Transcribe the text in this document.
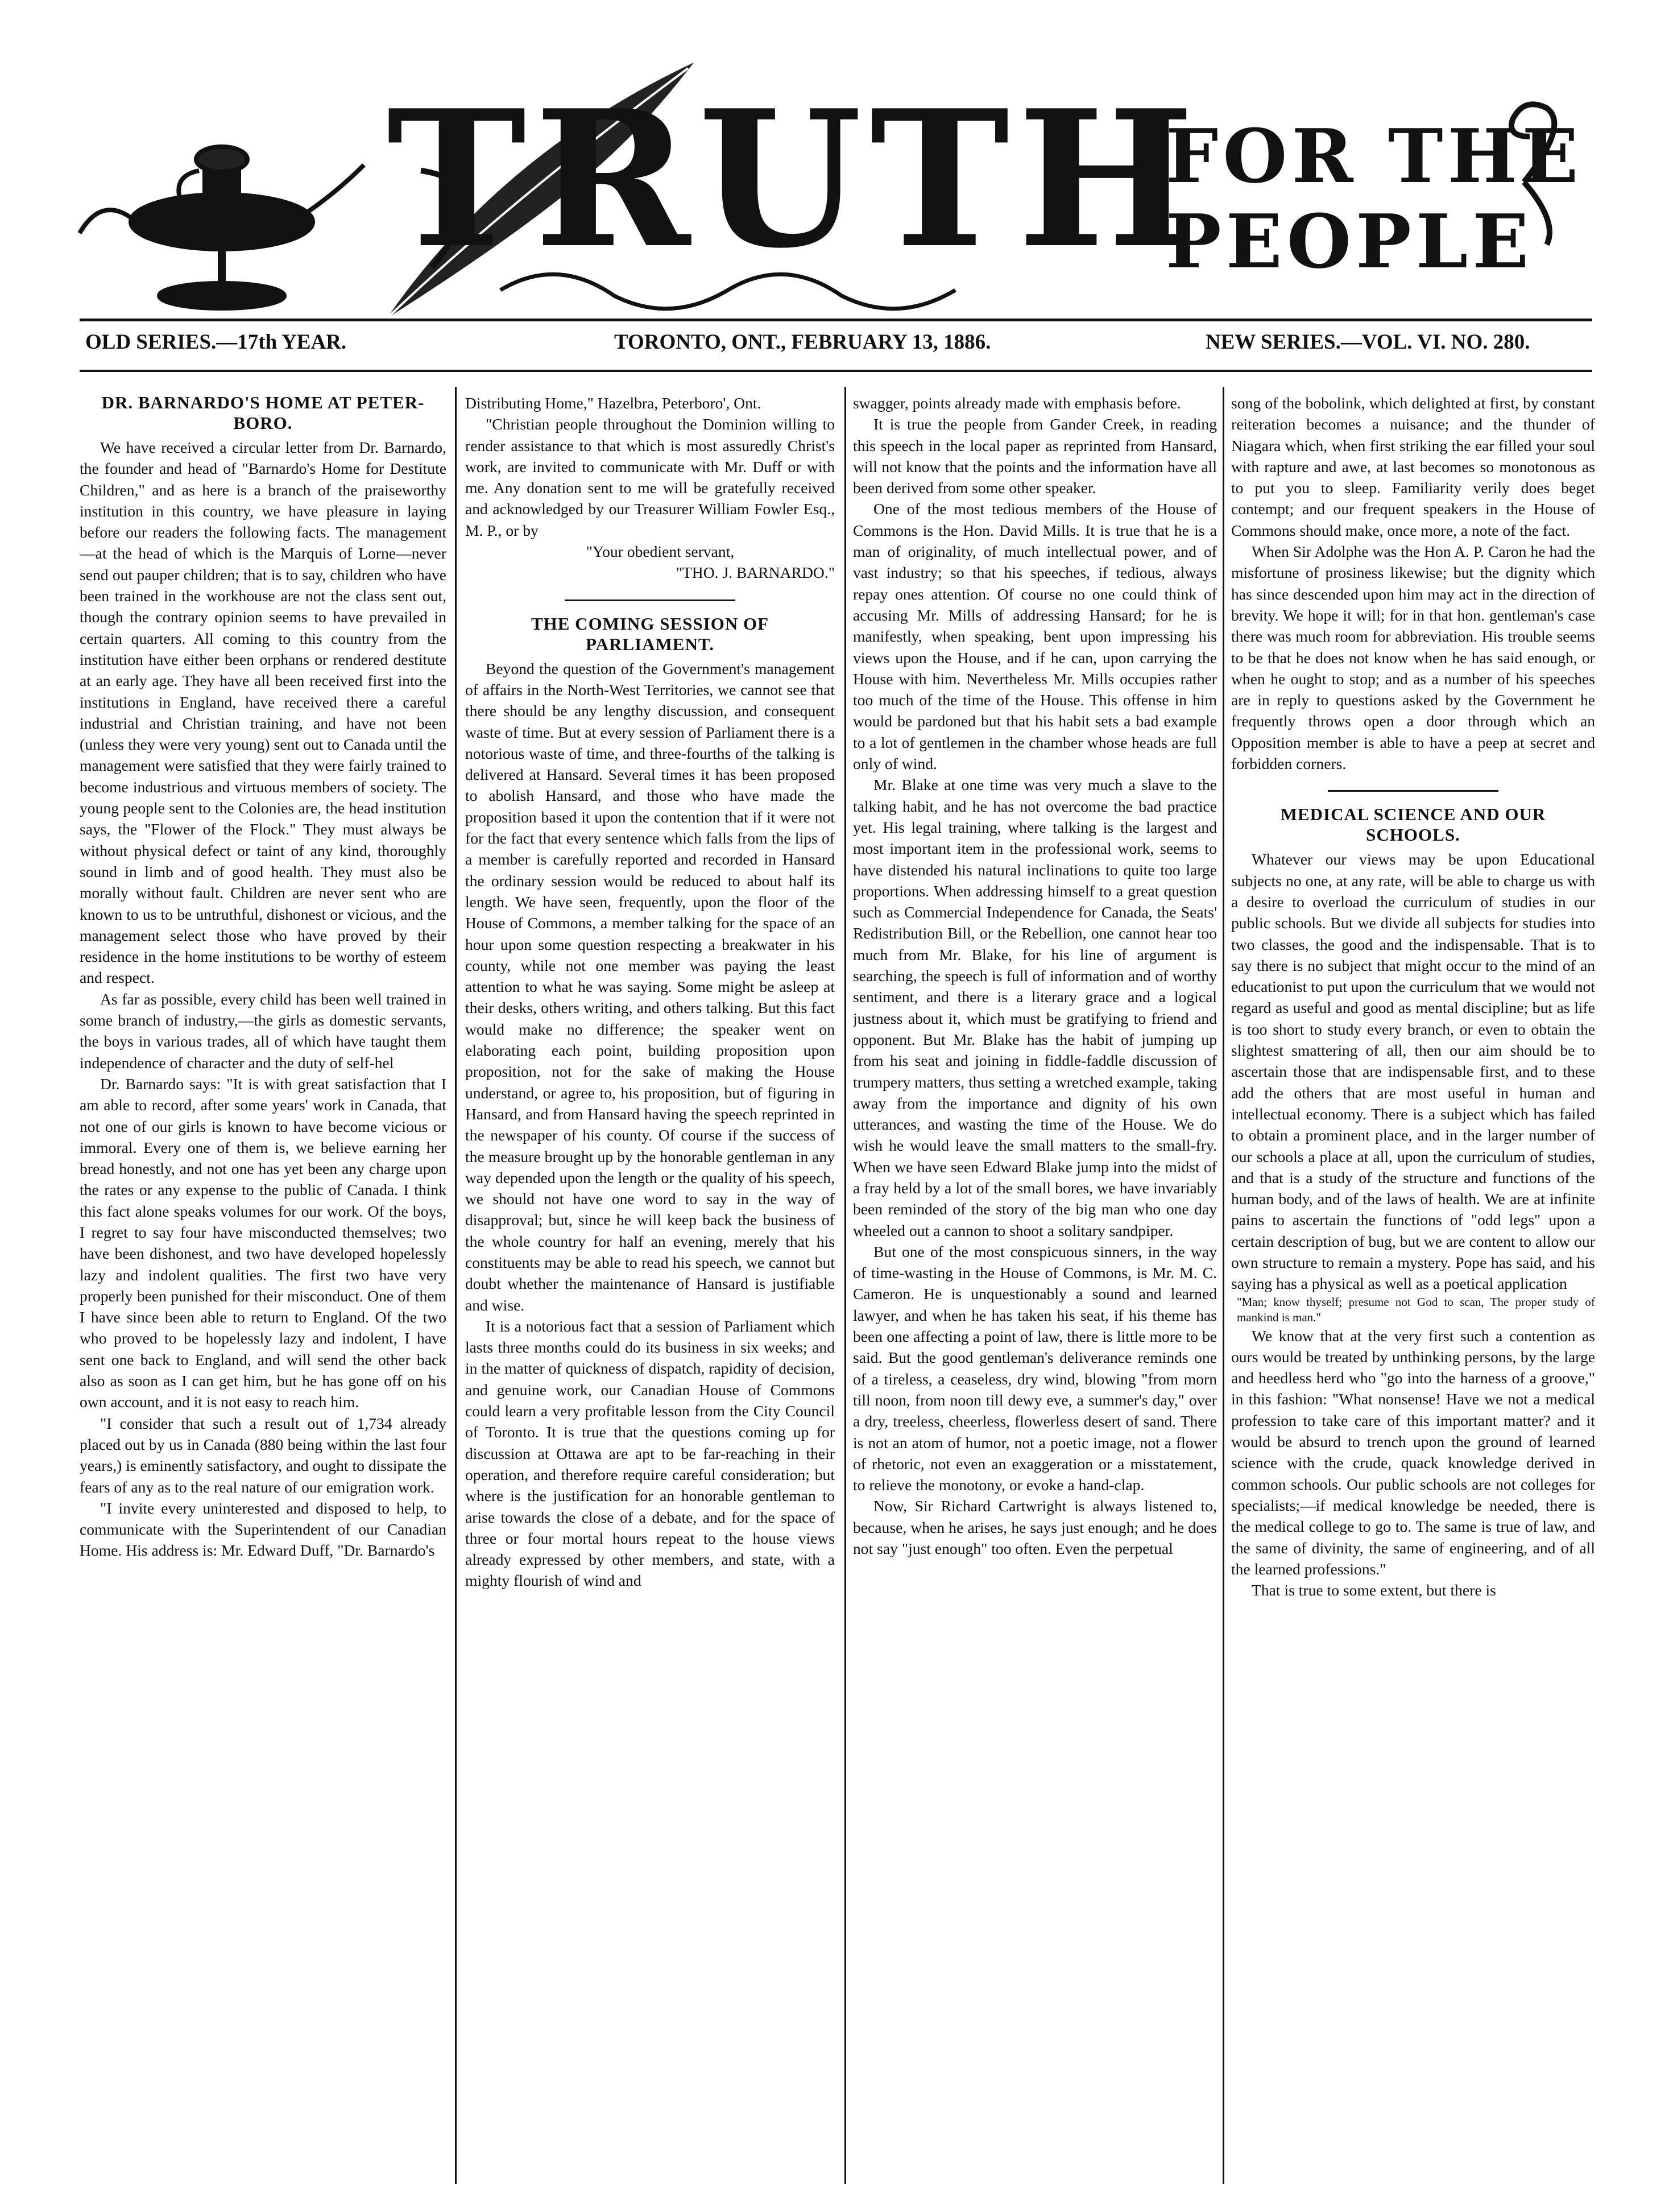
TRUTH
FOR THE
PEOPLE
OLD SERIES.—17th YEAR.	TORONTO, ONT., FEBRUARY 13, 1886.	NEW SERIES.—VOL. VI. NO. 280.
DR. BARNARDO'S HOME AT PETER-BORO.

We have received a circular letter from Dr. Barnardo, the founder and head of "Barnardo's Home for Destitute Children," and as here is a branch of the praiseworthy institution in this country, we have pleasure in laying before our readers the following facts. The management—at the head of which is the Marquis of Lorne—never send out pauper children; that is to say, children who have been trained in the workhouse are not the class sent out, though the contrary opinion seems to have prevailed in certain quarters. All coming to this country from the institution have either been orphans or rendered destitute at an early age. They have all been received first into the institutions in England, have received there a careful industrial and Christian training, and have not been (unless they were very young) sent out to Canada until the management were satisfied that they were fairly trained to become industrious and virtuous members of society. The young people sent to the Colonies are, the head institution says, the "Flower of the Flock." They must always be without physical defect or taint of any kind, thoroughly sound in limb and of good health. They must also be morally without fault. Children are never sent who are known to us to be untruthful, dishonest or vicious, and the management select those who have proved by their residence in the home institutions to be worthy of esteem and respect.

As far as possible, every child has been well trained in some branch of industry,—the girls as domestic servants, the boys in various trades, all of which have taught them independence of character and the duty of self-hel

Dr. Barnardo says: "It is with great satisfaction that I am able to record, after some years' work in Canada, that not one of our girls is known to have become vicious or immoral. Every one of them is, we believe earning her bread honestly, and not one has yet been any charge upon the rates or any expense to the public of Canada. I think this fact alone speaks volumes for our work. Of the boys, I regret to say four have misconducted themselves; two have been dishonest, and two have developed hopelessly lazy and indolent qualities. The first two have very properly been punished for their misconduct. One of them I have since been able to return to England. Of the two who proved to be hopelessly lazy and indolent, I have sent one back to England, and will send the other back also as soon as I can get him, but he has gone off on his own account, and it is not easy to reach him.

"I consider that such a result out of 1,734 already placed out by us in Canada (880 being within the last four years,) is eminently satisfactory, and ought to dissipate the fears of any as to the real nature of our emigration work.

"I invite every uninterested and disposed to help, to communicate with the Superintendent of our Canadian Home. His address is: Mr. Edward Duff, "Dr. Barnardo's

Distributing Home," Hazelbra, Peterboro', Ont.

"Christian people throughout the Dominion willing to render assistance to that which is most assuredly Christ's work, are invited to communicate with Mr. Duff or with me. Any donation sent to me will be gratefully received and acknowledged by our Treasurer William Fowler Esq., M. P., or by

"Your obedient servant,

"THO. J. BARNARDO."

THE COMING SESSION OF PARLIAMENT.

Beyond the question of the Government's management of affairs in the North-West Territories, we cannot see that there should be any lengthy discussion, and consequent waste of time. But at every session of Parliament there is a notorious waste of time, and three-fourths of the talking is delivered at Hansard. Several times it has been proposed to abolish Hansard, and those who have made the proposition based it upon the contention that if it were not for the fact that every sentence which falls from the lips of a member is carefully reported and recorded in Hansard the ordinary session would be reduced to about half its length. We have seen, frequently, upon the floor of the House of Commons, a member talking for the space of an hour upon some question respecting a breakwater in his county, while not one member was paying the least attention to what he was saying. Some might be asleep at their desks, others writing, and others talking. But this fact would make no difference; the speaker went on elaborating each point, building proposition upon proposition, not for the sake of making the House understand, or agree to, his proposition, but of figuring in Hansard, and from Hansard having the speech reprinted in the newspaper of his county. Of course if the success of the measure brought up by the honorable gentleman in any way depended upon the length or the quality of his speech, we should not have one word to say in the way of disapproval; but, since he will keep back the business of the whole country for half an evening, merely that his constituents may be able to read his speech, we cannot but doubt whether the maintenance of Hansard is justifiable and wise.

It is a notorious fact that a session of Parliament which lasts three months could do its business in six weeks; and in the matter of quickness of dispatch, rapidity of decision, and genuine work, our Canadian House of Commons could learn a very profitable lesson from the City Council of Toronto. It is true that the questions coming up for discussion at Ottawa are apt to be far-reaching in their operation, and therefore require careful consideration; but where is the justification for an honorable gentleman to arise towards the close of a debate, and for the space of three or four mortal hours repeat to the house views already expressed by other members, and state, with a mighty flourish of wind and

swagger, points already made with emphasis before.

It is true the people from Gander Creek, in reading this speech in the local paper as reprinted from Hansard, will not know that the points and the information have all been derived from some other speaker.

One of the most tedious members of the House of Commons is the Hon. David Mills. It is true that he is a man of originality, of much intellectual power, and of vast industry; so that his speeches, if tedious, always repay ones attention. Of course no one could think of accusing Mr. Mills of addressing Hansard; for he is manifestly, when speaking, bent upon impressing his views upon the House, and if he can, upon carrying the House with him. Nevertheless Mr. Mills occupies rather too much of the time of the House. This offense in him would be pardoned but that his habit sets a bad example to a lot of gentlemen in the chamber whose heads are full only of wind.

Mr. Blake at one time was very much a slave to the talking habit, and he has not overcome the bad practice yet. His legal training, where talking is the largest and most important item in the professional work, seems to have distended his natural inclinations to quite too large proportions. When addressing himself to a great question such as Commercial Independence for Canada, the Seats' Redistribution Bill, or the Rebellion, one cannot hear too much from Mr. Blake, for his line of argument is searching, the speech is full of information and of worthy sentiment, and there is a literary grace and a logical justness about it, which must be gratifying to friend and opponent. But Mr. Blake has the habit of jumping up from his seat and joining in fiddle-faddle discussion of trumpery matters, thus setting a wretched example, taking away from the importance and dignity of his own utterances, and wasting the time of the House. We do wish he would leave the small matters to the small-fry. When we have seen Edward Blake jump into the midst of a fray held by a lot of the small bores, we have invariably been reminded of the story of the big man who one day wheeled out a cannon to shoot a solitary sandpiper.

But one of the most conspicuous sinners, in the way of time-wasting in the House of Commons, is Mr. M. C. Cameron. He is unquestionably a sound and learned lawyer, and when he has taken his seat, if his theme has been one affecting a point of law, there is little more to be said. But the good gentleman's deliverance reminds one of a tireless, a ceaseless, dry wind, blowing "from morn till noon, from noon till dewy eve, a summer's day," over a dry, treeless, cheerless, flowerless desert of sand. There is not an atom of humor, not a poetic image, not a flower of rhetoric, not even an exaggeration or a misstatement, to relieve the monotony, or evoke a hand-clap.

Now, Sir Richard Cartwright is always listened to, because, when he arises, he says just enough; and he does not say "just enough" too often. Even the perpetual

song of the bobolink, which delighted at first, by constant reiteration becomes a nuisance; and the thunder of Niagara which, when first striking the ear filled your soul with rapture and awe, at last becomes so monotonous as to put you to sleep. Familiarity verily does beget contempt; and our frequent speakers in the House of Commons should make, once more, a note of the fact.

When Sir Adolphe was the Hon A. P. Caron he had the misfortune of prosiness likewise; but the dignity which has since descended upon him may act in the direction of brevity. We hope it will; for in that hon. gentleman's case there was much room for abbreviation. His trouble seems to be that he does not know when he has said enough, or when he ought to stop; and as a number of his speeches are in reply to questions asked by the Government he frequently throws open a door through which an Opposition member is able to have a peep at secret and forbidden corners.

MEDICAL SCIENCE AND OUR SCHOOLS.

Whatever our views may be upon Educational subjects no one, at any rate, will be able to charge us with a desire to overload the curriculum of studies in our public schools. But we divide all subjects for studies into two classes, the good and the indispensable. That is to say there is no subject that might occur to the mind of an educationist to put upon the curriculum that we would not regard as useful and good as mental discipline; but as life is too short to study every branch, or even to obtain the slightest smattering of all, then our aim should be to ascertain those that are indispensable first, and to these add the others that are most useful in human and intellectual economy. There is a subject which has failed to obtain a prominent place, and in the larger number of our schools a place at all, upon the curriculum of studies, and that is a study of the structure and functions of the human body, and of the laws of health. We are at infinite pains to ascertain the functions of "odd legs" upon a certain description of bug, but we are content to allow our own structure to remain a mystery. Pope has said, and his saying has a physical as well as a poetical application

"Man; know thyself; presume not God to scan, The proper study of mankind is man."

We know that at the very first such a contention as ours would be treated by unthinking persons, by the large and heedless herd who "go into the harness of a groove," in this fashion: "What nonsense! Have we not a medical profession to take care of this important matter? and it would be absurd to trench upon the ground of learned science with the crude, quack knowledge derived in common schools. Our public schools are not colleges for specialists;—if medical knowledge be needed, there is the medical college to go to. The same is true of law, and the same of divinity, the same of engineering, and of all the learned professions."

That is true to some extent, but there is
